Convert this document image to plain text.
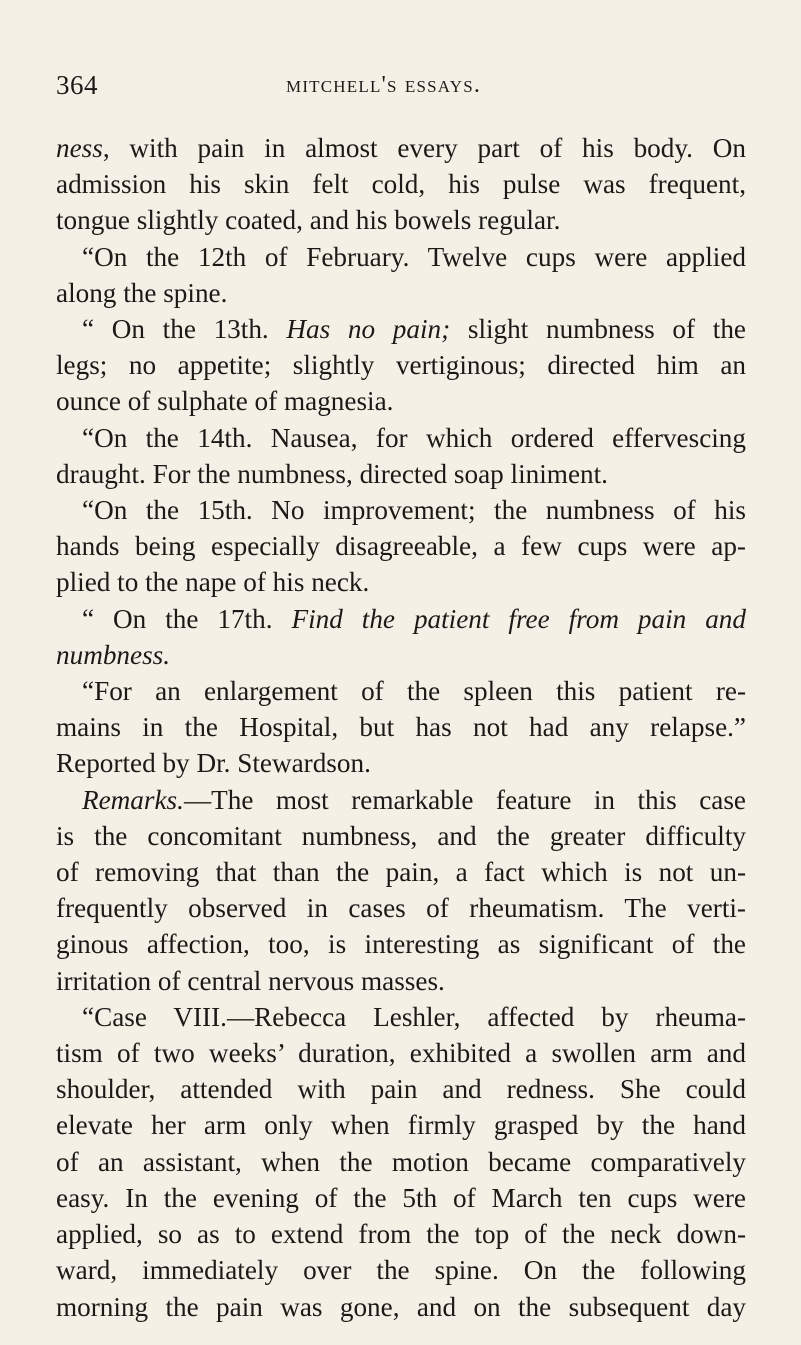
364	mitchell's essays.
ness, with pain in almost every part of his body. On
admission his skin felt cold, his pulse was frequent,
tongue slightly coated, and his bowels regular.
“On the 12th of February. Twelve cups were applied
along the spine.
“ On the 13th. Has no pain; slight numbness of the
legs; no appetite; slightly vertiginous; directed him an
ounce of sulphate of magnesia.
“On the 14th. Nausea, for which ordered effervescing
draught. For the numbness, directed soap liniment.
“On the 15th. No improvement; the numbness of his
hands being especially disagreeable, a few cups were ap-
plied to the nape of his neck.
“ On the 17th. Find the patient free from pain and
numbness.
“For an enlargement of the spleen this patient re-
mains in the Hospital, but has not had any relapse.”
Reported by Dr. Stewardson.
Remarks.—The most remarkable feature in this case
is the concomitant numbness, and the greater difficulty
of removing that than the pain, a fact which is not un-
frequently observed in cases of rheumatism. The verti-
ginous affection, too, is interesting as significant of the
irritation of central nervous masses.
“Case VIII.—Rebecca Leshler, affected by rheuma-
tism of two weeks’ duration, exhibited a swollen arm and
shoulder, attended with pain and redness. She could
elevate her arm only when firmly grasped by the hand
of an assistant, when the motion became comparatively
easy. In the evening of the 5th of March ten cups were
applied, so as to extend from the top of the neck down-
ward, immediately over the spine. On the following
morning the pain was gone, and on the subsequent day
